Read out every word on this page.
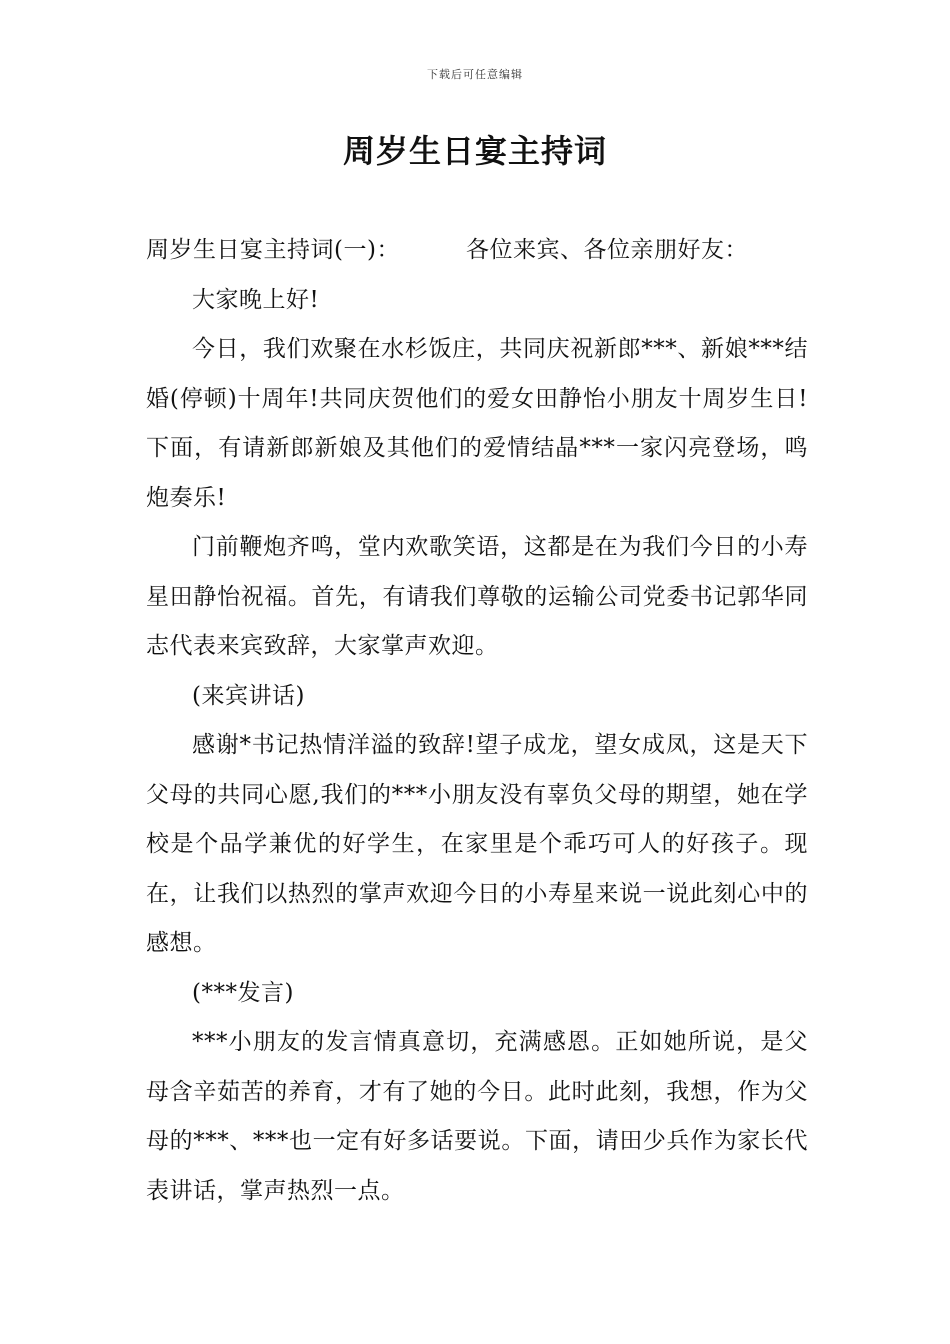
下载后可任意编辑
周岁生日宴主持词

周岁生日宴主持词(一)：	各位来宾、各位亲朋好友：

大家晚上好!

今日，我们欢聚在水杉饭庄，共同庆祝新郎***、新娘***结婚(停顿)十周年!共同庆贺他们的爱女田静怡小朋友十周岁生日!下面，有请新郎新娘及其他们的爱情结晶***一家闪亮登场，鸣炮奏乐!

门前鞭炮齐鸣，堂内欢歌笑语，这都是在为我们今日的小寿星田静怡祝福。首先，有请我们尊敬的运输公司党委书记郭华同志代表来宾致辞，大家掌声欢迎。

(来宾讲话)

感谢*书记热情洋溢的致辞!望子成龙，望女成凤，这是天下父母的共同心愿,我们的***小朋友没有辜负父母的期望，她在学校是个品学兼优的好学生，在家里是个乖巧可人的好孩子。现在，让我们以热烈的掌声欢迎今日的小寿星来说一说此刻心中的感想。

(***发言)

***小朋友的发言情真意切，充满感恩。正如她所说，是父母含辛茹苦的养育，才有了她的今日。此时此刻，我想，作为父母的***、***也一定有好多话要说。下面，请田少兵作为家长代表讲话，掌声热烈一点。
